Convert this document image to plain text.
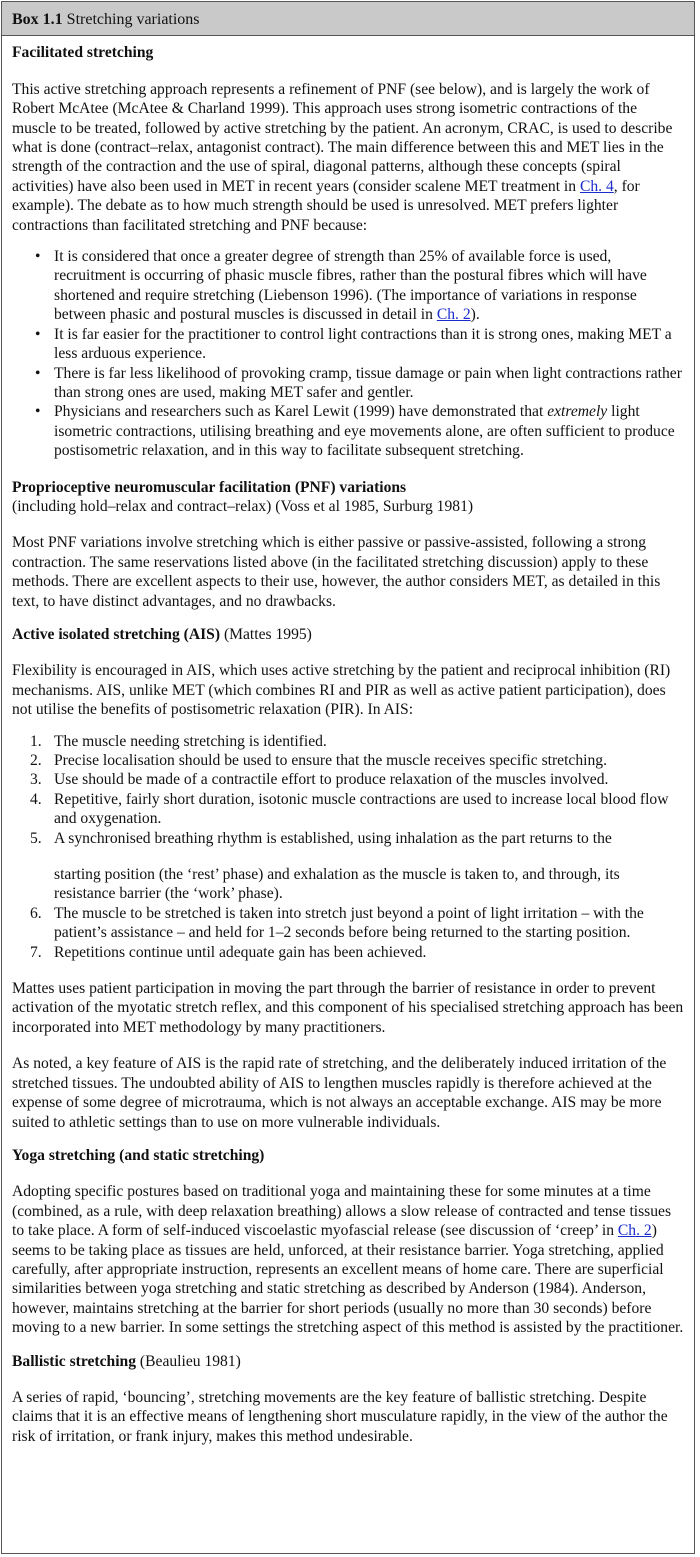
Box 1.1 Stretching variations

Facilitated stretching

This active stretching approach represents a refinement of PNF (see below), and is largely the work of Robert McAtee (McAtee & Charland 1999). This approach uses strong isometric contractions of the muscle to be treated, followed by active stretching by the patient. An acronym, CRAC, is used to describe what is done (contract–relax, antagonist contract). The main difference between this and MET lies in the strength of the contraction and the use of spiral, diagonal patterns, although these concepts (spiral activities) have also been used in MET in recent years (consider scalene MET treatment in Ch. 4, for example). The debate as to how much strength should be used is unresolved. MET prefers lighter contractions than facilitated stretching and PNF because:

• It is considered that once a greater degree of strength than 25% of available force is used, recruitment is occurring of phasic muscle fibres, rather than the postural fibres which will have shortened and require stretching (Liebenson 1996). (The importance of variations in response between phasic and postural muscles is discussed in detail in Ch. 2).
• It is far easier for the practitioner to control light contractions than it is strong ones, making MET a less arduous experience.
• There is far less likelihood of provoking cramp, tissue damage or pain when light contractions rather than strong ones are used, making MET safer and gentler.
• Physicians and researchers such as Karel Lewit (1999) have demonstrated that extremely light isometric contractions, utilising breathing and eye movements alone, are often sufficient to produce postisometric relaxation, and in this way to facilitate subsequent stretching.

Proprioceptive neuromuscular facilitation (PNF) variations

(including hold–relax and contract–relax) (Voss et al 1985, Surburg 1981)

Most PNF variations involve stretching which is either passive or passive-assisted, following a strong contraction. The same reservations listed above (in the facilitated stretching discussion) apply to these methods. There are excellent aspects to their use, however, the author considers MET, as detailed in this text, to have distinct advantages, and no drawbacks.

Active isolated stretching (AIS) (Mattes 1995)

Flexibility is encouraged in AIS, which uses active stretching by the patient and reciprocal inhibition (RI) mechanisms. AIS, unlike MET (which combines RI and PIR as well as active patient participation), does not utilise the benefits of postisometric relaxation (PIR). In AIS:

1. The muscle needing stretching is identified.
2. Precise localisation should be used to ensure that the muscle receives specific stretching.
3. Use should be made of a contractile effort to produce relaxation of the muscles involved.
4. Repetitive, fairly short duration, isotonic muscle contractions are used to increase local blood flow and oxygenation.
5. A synchronised breathing rhythm is established, using inhalation as the part returns to the
starting position (the ‘rest’ phase) and exhalation as the muscle is taken to, and through, its resistance barrier (the ‘work’ phase).
6. The muscle to be stretched is taken into stretch just beyond a point of light irritation – with the patient’s assistance – and held for 1–2 seconds before being returned to the starting position.
7. Repetitions continue until adequate gain has been achieved.

Mattes uses patient participation in moving the part through the barrier of resistance in order to prevent activation of the myotatic stretch reflex, and this component of his specialised stretching approach has been incorporated into MET methodology by many practitioners.

As noted, a key feature of AIS is the rapid rate of stretching, and the deliberately induced irritation of the stretched tissues. The undoubted ability of AIS to lengthen muscles rapidly is therefore achieved at the expense of some degree of microtrauma, which is not always an acceptable exchange. AIS may be more suited to athletic settings than to use on more vulnerable individuals.

Yoga stretching (and static stretching)

Adopting specific postures based on traditional yoga and maintaining these for some minutes at a time (combined, as a rule, with deep relaxation breathing) allows a slow release of contracted and tense tissues to take place. A form of self-induced viscoelastic myofascial release (see discussion of ‘creep’ in Ch. 2) seems to be taking place as tissues are held, unforced, at their resistance barrier. Yoga stretching, applied carefully, after appropriate instruction, represents an excellent means of home care. There are superficial similarities between yoga stretching and static stretching as described by Anderson (1984). Anderson, however, maintains stretching at the barrier for short periods (usually no more than 30 seconds) before moving to a new barrier. In some settings the stretching aspect of this method is assisted by the practitioner.

Ballistic stretching (Beaulieu 1981)

A series of rapid, ‘bouncing’, stretching movements are the key feature of ballistic stretching. Despite claims that it is an effective means of lengthening short musculature rapidly, in the view of the author the risk of irritation, or frank injury, makes this method undesirable.
